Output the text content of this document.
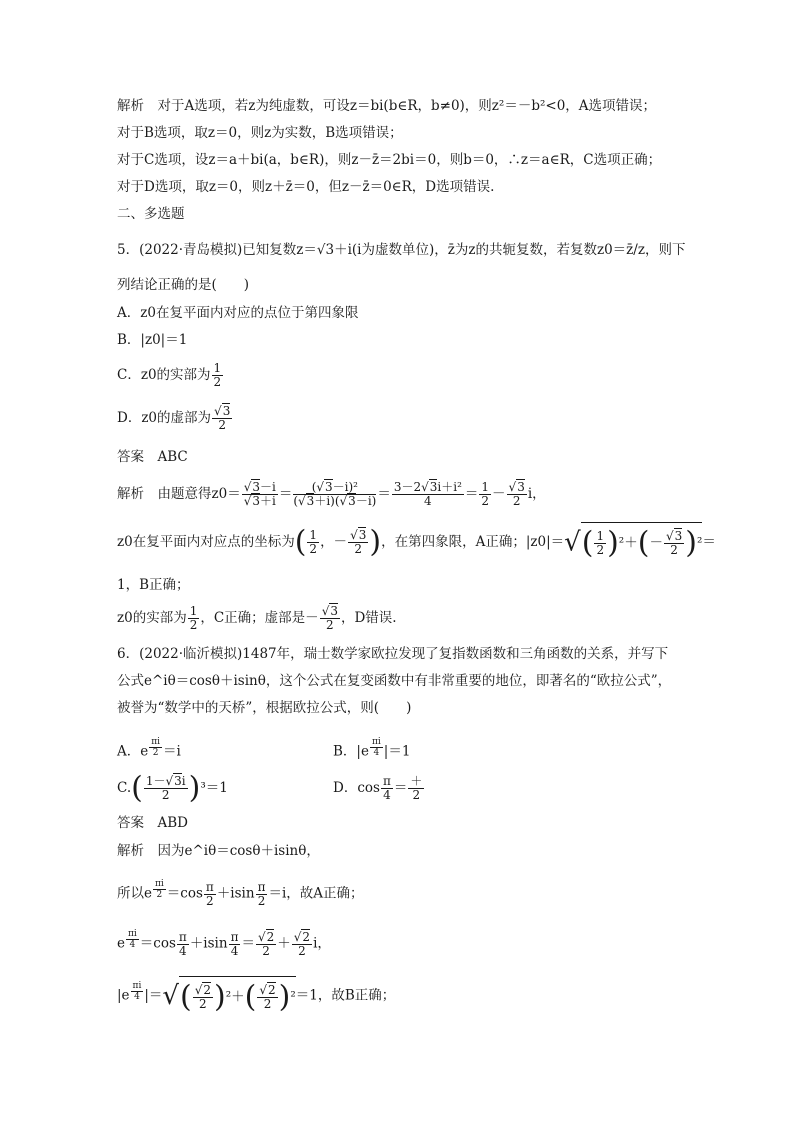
解析　对于A选项，若z为纯虚数，可设z＝bi(b∈R，b≠0)，则z²＝－b²<0，A选项错误；
对于B选项，取z＝0，则z为实数，B选项错误；
对于C选项，设z＝a＋bi(a，b∈R)，则z－z̄＝2bi＝0，则b＝0，∴z＝a∈R，C选项正确；
对于D选项，取z＝0，则z＋z̄＝0，但z－z̄＝0∈R，D选项错误.
二、多选题
5．(2022·青岛模拟)已知复数z＝√3＋i(i为虚数单位)，z̄为z的共轭复数，若复数z0＝z̄/z，则下
列结论正确的是(　　)
A．z0在复平面内对应的点位于第四象限
B．|z0|＝1
C．z0的实部为 $\frac{1}{2}$
D．z0的虚部为 $\frac{√3}{2}$
答案　ABC
解析　由题意得$z0= \frac{√3-i}{√3+i} = \frac{\text{(√3－i)²}}{(√3+i)(√3-i)} = \frac{\text{3－2√3i＋i²}}{4} = \frac{1}{2} - \frac{√3}{2}$ i，
z0在复平面内对应点的坐标为( $\frac{1}{2}$ ，－ $\frac{√3}{2}$ )，在第四象限，A正确；$|z0|=√( \frac{1}{2} )^2+(- \frac{√3}{2} )^2=$
1，B正确；
z0的实部为 $\frac{1}{2}$ ，C正确；虚部是－ $\frac{√3}{2}$ ，D错误.
6．(2022·临沂模拟)1487年，瑞士数学家欧拉发现了复指数函数和三角函数的关系，并写下
公式e^iθ＝cosθ＋isinθ，这个公式在复变函数中有非常重要的地位，即著名的“欧拉公式”，
被誉为“数学中的天桥”，根据欧拉公式，则(　　)
A．e $^{\frac{\pi i}{2}}$ ＝i	B．|e $^{\frac{\pi i}{4}}$ |＝1
$C.( \frac{1-√3i}{2} )^3=1$	D．$\cos \frac{\pi}{4} = \frac{+}{2}$
答案　ABD
解析　因为e^iθ＝cosθ＋isinθ，
所以e $^{\frac{\pi i}{2}} =\cos \frac{\pi}{2} +isin \frac{\pi}{2} =i$，故A正确；
e $^{\frac{\pi i}{4}} =\cos \frac{\pi}{4} +isin \frac{\pi}{4} = \frac{√2}{2} + \frac{√2}{2}$ i，
|e $^{\frac{\pi i}{4}}$ |＝√( $\frac{√2}{2} )^2+( \frac{√2}{2} )^2=1$，故B正确；
